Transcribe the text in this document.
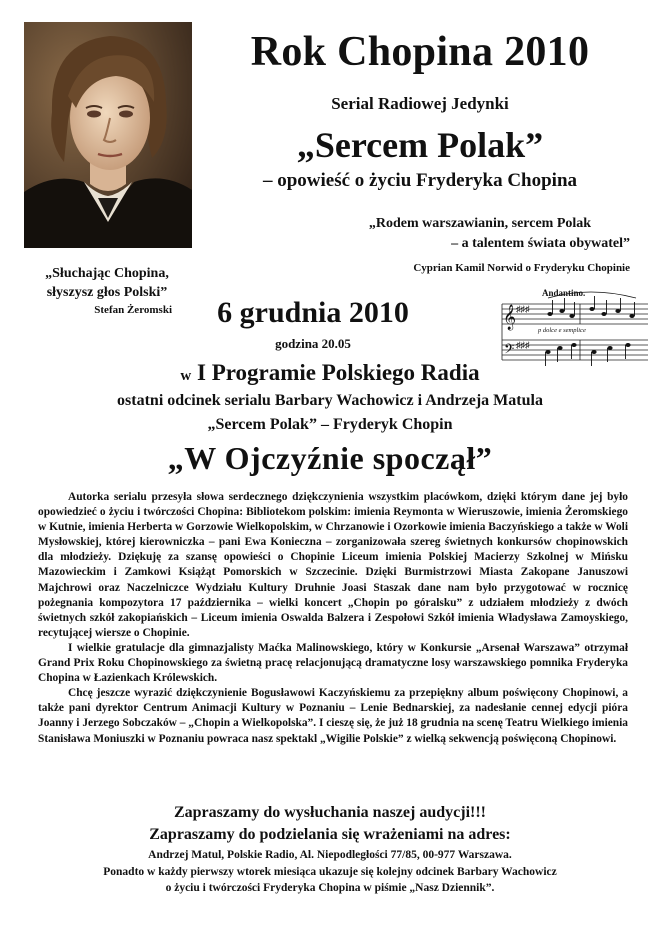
Rok Chopina 2010
Serial Radiowej Jedynki
„Sercem Polak”
– opowieść o życiu Fryderyka Chopina
„Rodem warszawianin, sercem Polak
– a talentem świata obywatel”
Cyprian Kamil Norwid o Fryderyku Chopinie
„Słuchając Chopina,
słyszysz głos Polski”
Stefan Żeromski	6 grudnia 2010
godzina 20.05
Andantino.
𝄞
𝄢
♯♯♯
♯♯♯
p dolce e semplice
w I Programie Polskiego Radia
ostatni odcinek serialu Barbary Wachowicz i Andrzeja Matula
„Sercem Polak” – Fryderyk Chopin
„W Ojczyźnie spoczął”

Autorka serialu przesyła słowa serdecznego dziękczynienia wszystkim placówkom, dzięki którym dane jej było opowiedzieć o życiu i twórczości Chopina: Bibliotekom polskim: imienia Reymonta w Wieruszowie, imienia Żeromskiego w Kutnie, imienia Herberta w Gorzowie Wielkopolskim, w Chrzanowie i Ozorkowie imienia Baczyńskiego a także w Woli Mysłowskiej, której kierowniczka – pani Ewa Konieczna – zorganizowała szereg świetnych konkursów chopinowskich dla młodzieży. Dziękuję za szansę opowieści o Chopinie Liceum imienia Polskiej Macierzy Szkolnej w Mińsku Mazowieckim i Zamkowi Książąt Pomorskich w Szczecinie. Dzięki Burmistrzowi Miasta Zakopane Januszowi Majchrowi oraz Naczelniczce Wydziału Kultury Druhnie Joasi Staszak dane nam było przygotować w rocznicę pożegnania kompozytora 17 października – wielki koncert „Chopin po góralsku” z udziałem młodzieży z dwóch świetnych szkół zakopiańskich – Liceum imienia Oswalda Balzera i Zespołowi Szkół imienia Władysława Zamoyskiego, recytującej wiersze o Chopinie.

I wielkie gratulacje dla gimnazjalisty Maćka Malinowskiego, który w Konkursie „Arsenał Warszawa” otrzymał Grand Prix Roku Chopinowskiego za świetną pracę relacjonującą dramatyczne losy warszawskiego pomnika Fryderyka Chopina w Łazienkach Królewskich.

Chcę jeszcze wyrazić dziękczynienie Bogusławowi Kaczyńskiemu za przepiękny album poświęcony Chopinowi, a także pani dyrektor Centrum Animacji Kultury w Poznaniu – Lenie Bednarskiej, za nadesłanie cennej edycji pióra Joanny i Jerzego Sobczaków – „Chopin a Wielkopolska”. I cieszę się, że już 18 grudnia na scenę Teatru Wielkiego imienia Stanisława Moniuszki w Poznaniu powraca nasz spektakl „Wigilie Polskie” z wielką sekwencją poświęconą Chopinowi.

Zapraszamy do wysłuchania naszej audycji!!!
Zapraszamy do podzielania się wrażeniami na adres:
Andrzej Matul, Polskie Radio, Al. Niepodległości 77/85, 00-977 Warszawa.
Ponadto w każdy pierwszy wtorek miesiąca ukazuje się kolejny odcinek Barbary Wachowicz
o życiu i twórczości Fryderyka Chopina w piśmie „Nasz Dziennik”.
